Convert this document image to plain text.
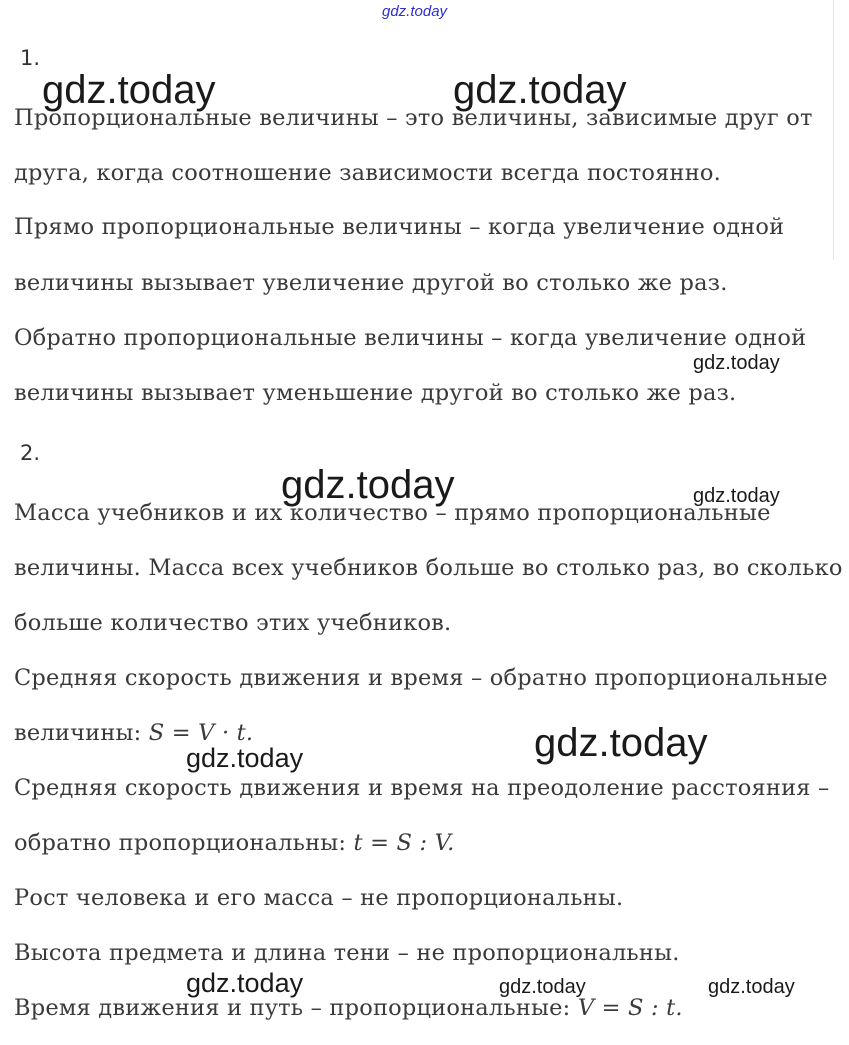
gdz.today

gdz.today	gdz.today

gdz.today

gdz.today	gdz.today

gdz.today

gdz.today

gdz.today	gdz.today	gdz.today

1.

Пропорциональные величины – это величины, зависимые друг от

друга, когда соотношение зависимости всегда постоянно.

Прямо пропорциональные величины – когда увеличение одной

величины вызывает увеличение другой во столько же раз.

Обратно пропорциональные величины – когда увеличение одной

величины вызывает уменьшение другой во столько же раз.

2.

Масса учебников и их количество – прямо пропорциональные

величины. Масса всех учебников больше во столько раз, во сколько

больше количество этих учебников.

Средняя скорость движения и время – обратно пропорциональные

величины: S = V · t.

Средняя скорость движения и время на преодоление расстояния –

обратно пропорциональны: t = S : V.

Рост человека и его масса – не пропорциональны.

Высота предмета и длина тени – не пропорциональны.

Время движения и путь – пропорциональные: V = S : t.
